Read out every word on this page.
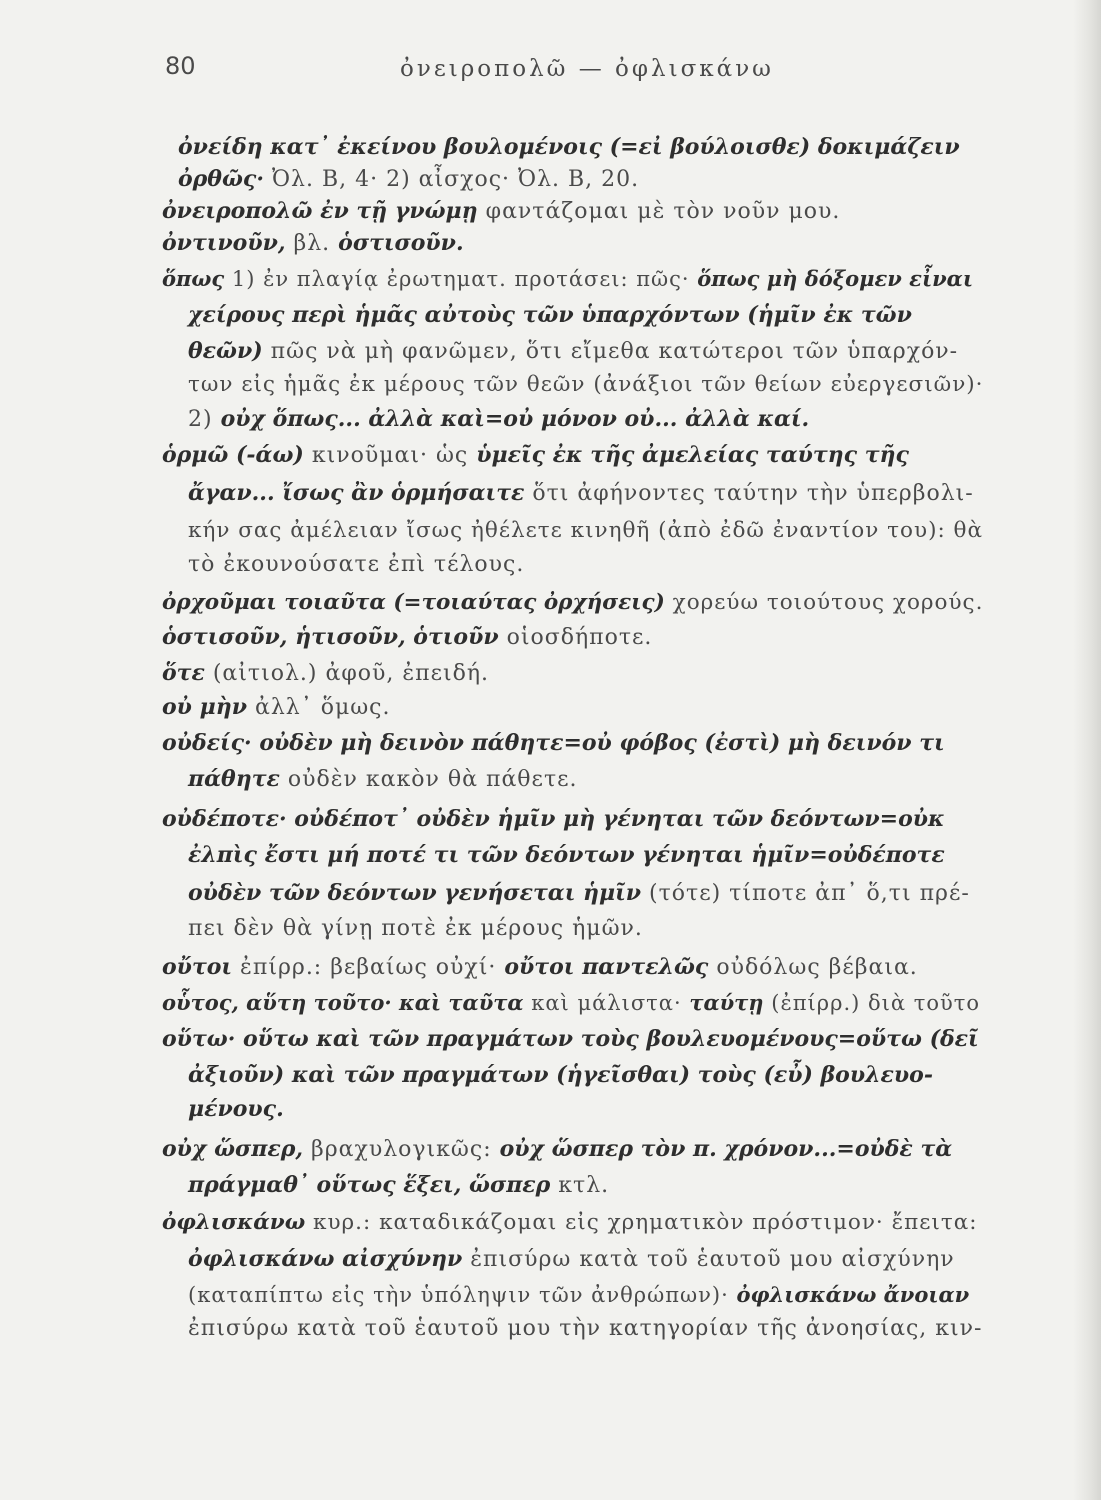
80	ὀνειροπολῶ — ὀφλισκάνω
ὀνείδη κατ᾽ ἐκείνου βουλομένοις (=εἰ βούλοισθε) δοκιμάζειν
ὀρθῶς· Ὀλ. Β, 4· 2) αἶσχος· Ὀλ. Β, 20.
ὀνειροπολῶ ἐν τῇ γνώμῃ φαντάζομαι μὲ τὸν νοῦν μου.
ὀντινοῦν, βλ. ὁστισοῦν.
ὅπως 1) ἐν πλαγίᾳ ἐρωτηματ. προτάσει: πῶς· ὅπως μὴ δόξομεν εἶναι
χείρους περὶ ἡμᾶς αὐτοὺς τῶν ὑπαρχόντων (ἡμῖν ἐκ τῶν
θεῶν) πῶς νὰ μὴ φανῶμεν, ὅτι εἴμεθα κατώτεροι τῶν ὑπαρχόν-
των εἰς ἡμᾶς ἐκ μέρους τῶν θεῶν (ἀνάξιοι τῶν θείων εὐεργεσιῶν)·
2) οὐχ ὅπως... ἀλλὰ καὶ=οὐ μόνον οὐ... ἀλλὰ καί.
ὁρμῶ (-άω) κινοῦμαι· ὡς ὑμεῖς ἐκ τῆς ἀμελείας ταύτης τῆς
ἄγαν... ἴσως ἂν ὁρμήσαιτε ὅτι ἀφήνοντες ταύτην τὴν ὑπερβολι-
κήν σας ἀμέλειαν ἴσως ἠθέλετε κινηθῆ (ἀπὸ ἐδῶ ἐναντίον του): θὰ
τὸ ἐκουνούσατε ἐπὶ τέλους.
ὀρχοῦμαι τοιαῦτα (=τοιαύτας ὀρχήσεις) χορεύω τοιούτους χορούς.
ὁστισοῦν, ἡτισοῦν, ὁτιοῦν οἱοσδήποτε.
ὅτε (αἰτιολ.) ἀφοῦ, ἐπειδή.
οὐ μὴν ἀλλ᾽ ὅμως.
οὐδείς· οὐδὲν μὴ δεινὸν πάθητε=οὐ φόβος (ἐστὶ) μὴ δεινόν τι
πάθητε οὐδὲν κακὸν θὰ πάθετε.
οὐδέποτε· οὐδέποτ᾽ οὐδὲν ἡμῖν μὴ γένηται τῶν δεόντων=οὐκ
ἐλπὶς ἔστι μή ποτέ τι τῶν δεόντων γένηται ἡμῖν=οὐδέποτε
οὐδὲν τῶν δεόντων γενήσεται ἡμῖν (τότε) τίποτε ἀπ᾽ ὅ,τι πρέ-
πει δὲν θὰ γίνῃ ποτὲ ἐκ μέρους ἡμῶν.
οὔτοι ἐπίρρ.: βεβαίως οὐχί· οὔτοι παντελῶς οὐδόλως βέβαια.
οὗτος, αὕτη τοῦτο· καὶ ταῦτα καὶ μάλιστα· ταύτῃ (ἐπίρρ.) διὰ τοῦτο
οὕτω· οὕτω καὶ τῶν πραγμάτων τοὺς βουλευομένους=οὕτω (δεῖ
ἀξιοῦν) καὶ τῶν πραγμάτων (ἡγεῖσθαι) τοὺς (εὖ) βουλευο-
μένους.
οὐχ ὥσπερ, βραχυλογικῶς: οὐχ ὥσπερ τὸν π. χρόνον...=οὐδὲ τὰ
πράγμαθ᾽ οὕτως ἕξει, ὥσπερ κτλ.
ὀφλισκάνω κυρ.: καταδικάζομαι εἰς χρηματικὸν πρόστιμον· ἔπειτα:
ὀφλισκάνω αἰσχύνην ἐπισύρω κατὰ τοῦ ἑαυτοῦ μου αἰσχύνην
(καταπίπτω εἰς τὴν ὑπόληψιν τῶν ἀνθρώπων)· ὀφλισκάνω ἄνοιαν
ἐπισύρω κατὰ τοῦ ἑαυτοῦ μου τὴν κατηγορίαν τῆς ἀνοησίας, κιν-
